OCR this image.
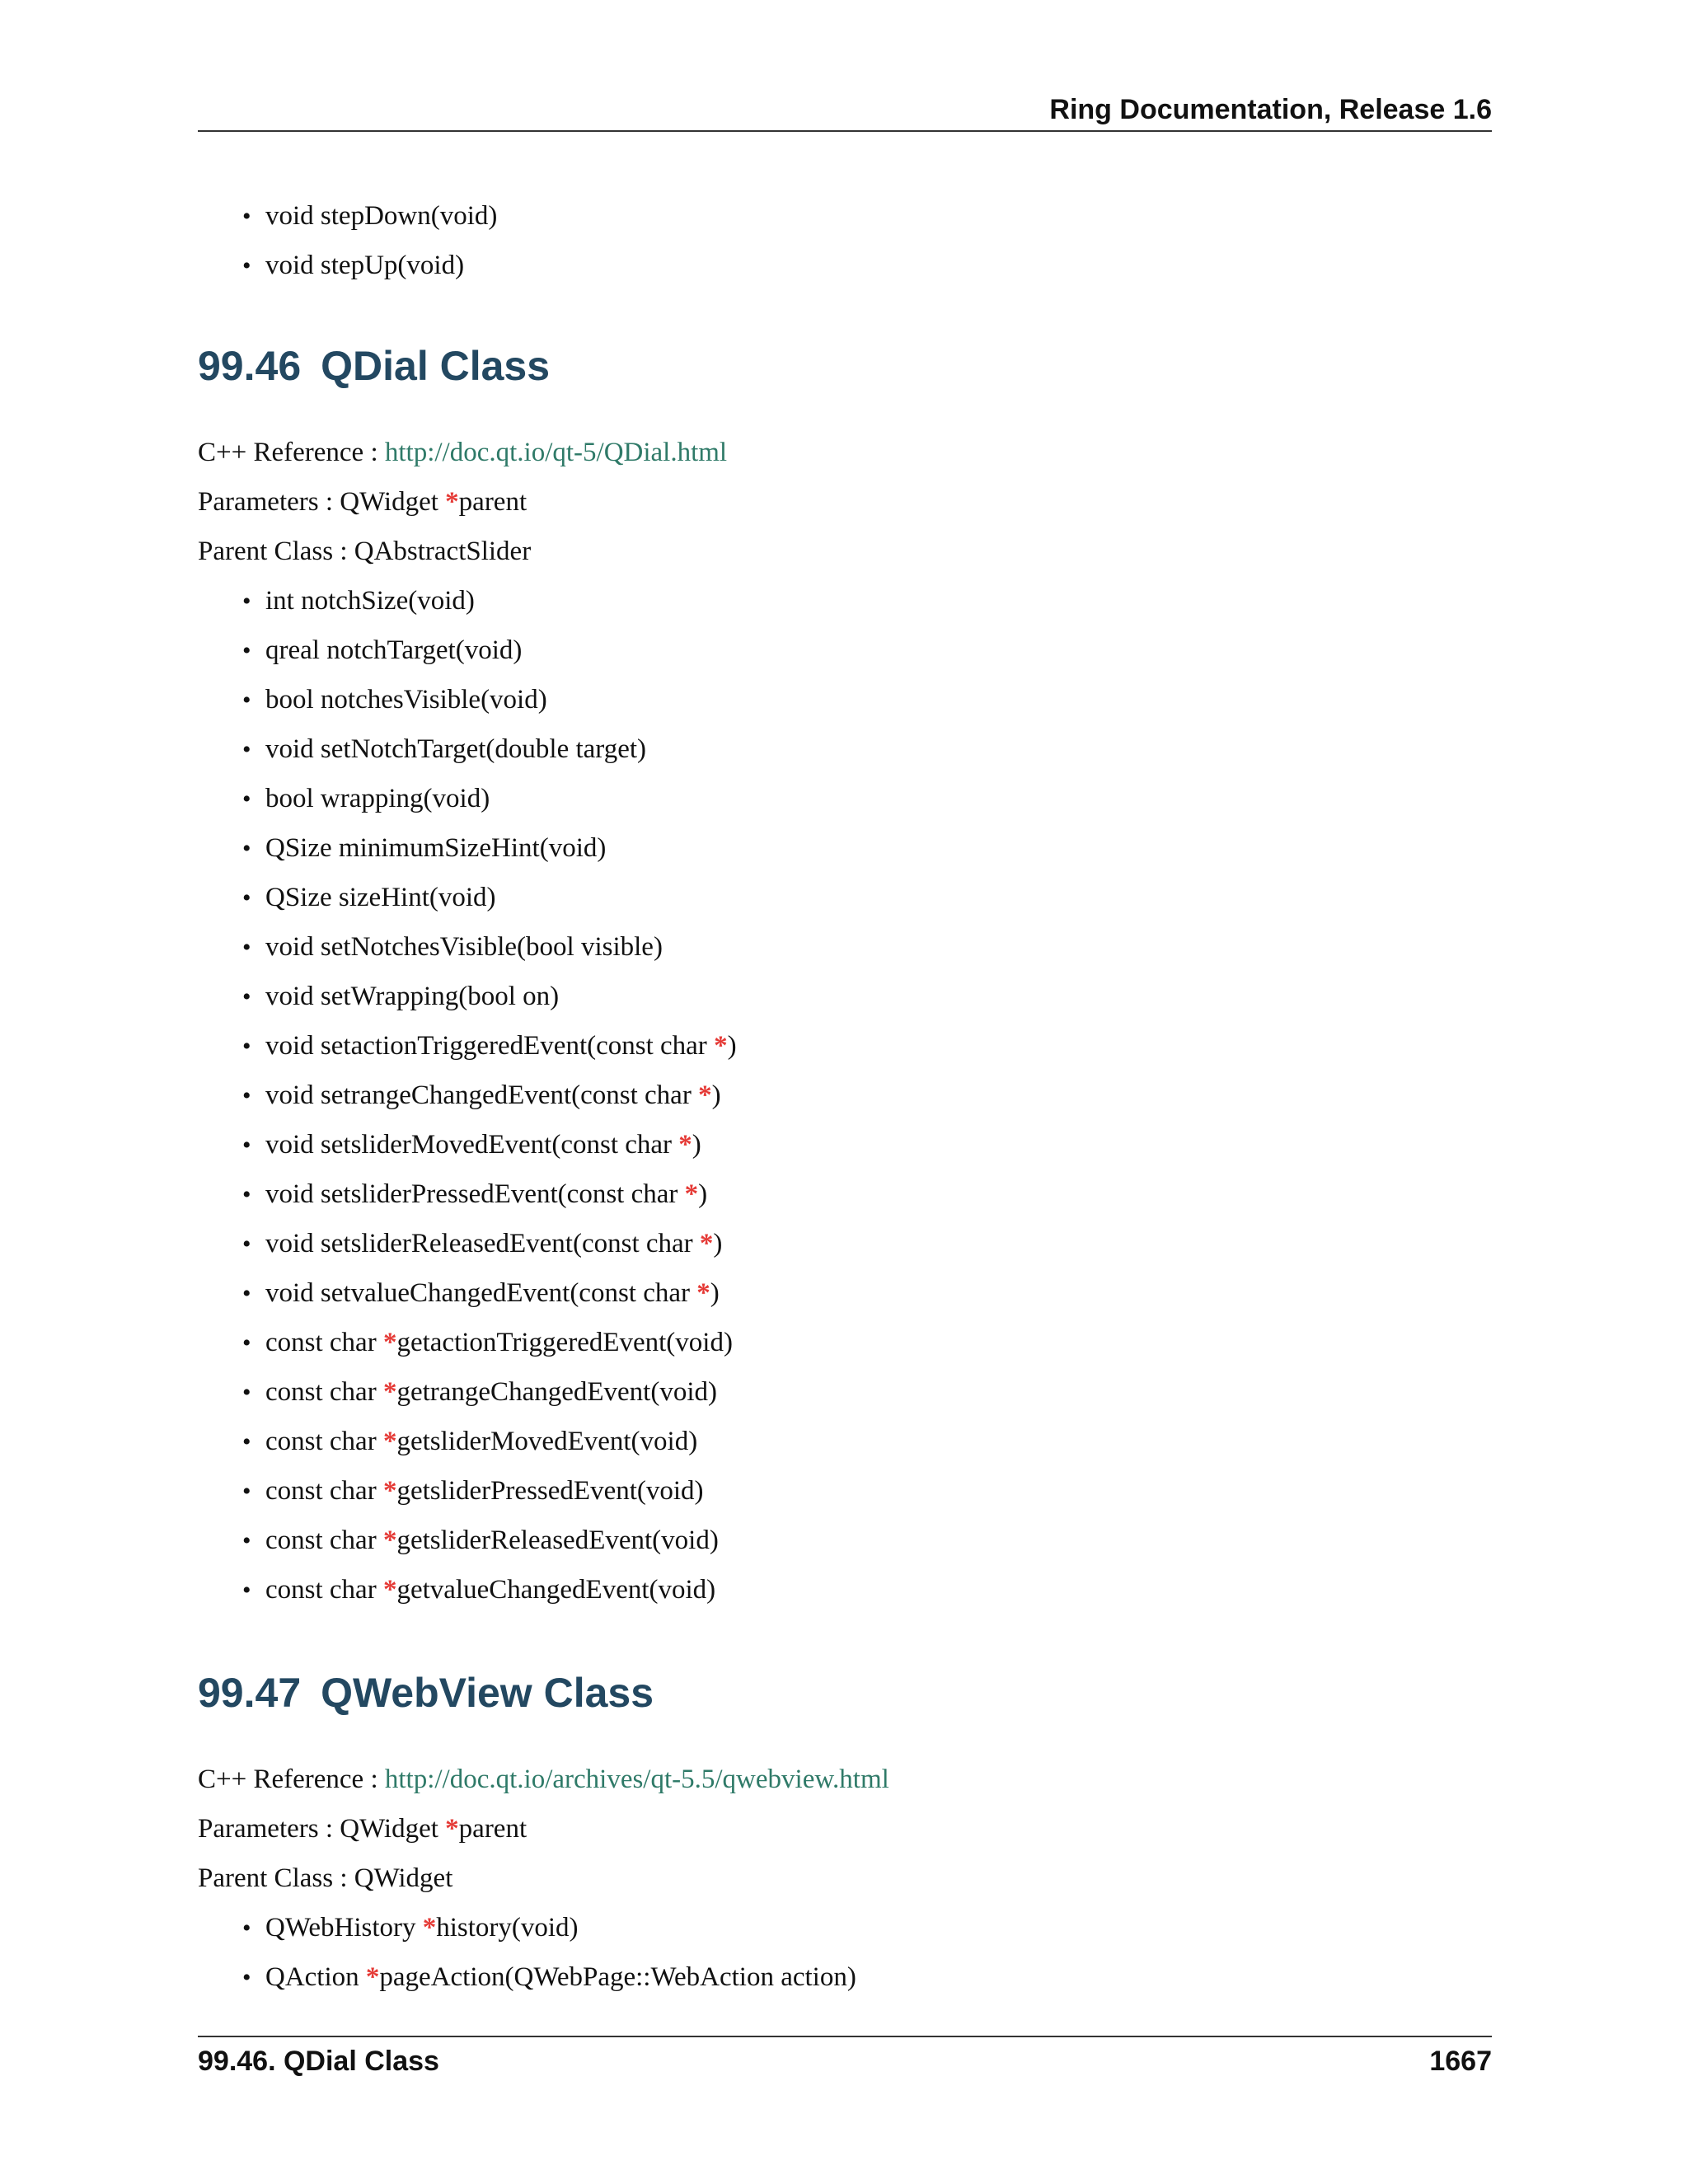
Ring Documentation, Release 1.6
• void stepDown(void)
• void stepUp(void)
99.46 QDial Class
C++ Reference : http://doc.qt.io/qt-5/QDial.html
Parameters : QWidget *parent
Parent Class : QAbstractSlider
• int notchSize(void)
• qreal notchTarget(void)
• bool notchesVisible(void)
• void setNotchTarget(double target)
• bool wrapping(void)
• QSize minimumSizeHint(void)
• QSize sizeHint(void)
• void setNotchesVisible(bool visible)
• void setWrapping(bool on)
• void setactionTriggeredEvent(const char *)
• void setrangeChangedEvent(const char *)
• void setsliderMovedEvent(const char *)
• void setsliderPressedEvent(const char *)
• void setsliderReleasedEvent(const char *)
• void setvalueChangedEvent(const char *)
• const char *getactionTriggeredEvent(void)
• const char *getrangeChangedEvent(void)
• const char *getsliderMovedEvent(void)
• const char *getsliderPressedEvent(void)
• const char *getsliderReleasedEvent(void)
• const char *getvalueChangedEvent(void)
99.47 QWebView Class
C++ Reference : http://doc.qt.io/archives/qt-5.5/qwebview.html
Parameters : QWidget *parent
Parent Class : QWidget
• QWebHistory *history(void)
• QAction *pageAction(QWebPage::WebAction action)
99.46. QDial Class	1667
